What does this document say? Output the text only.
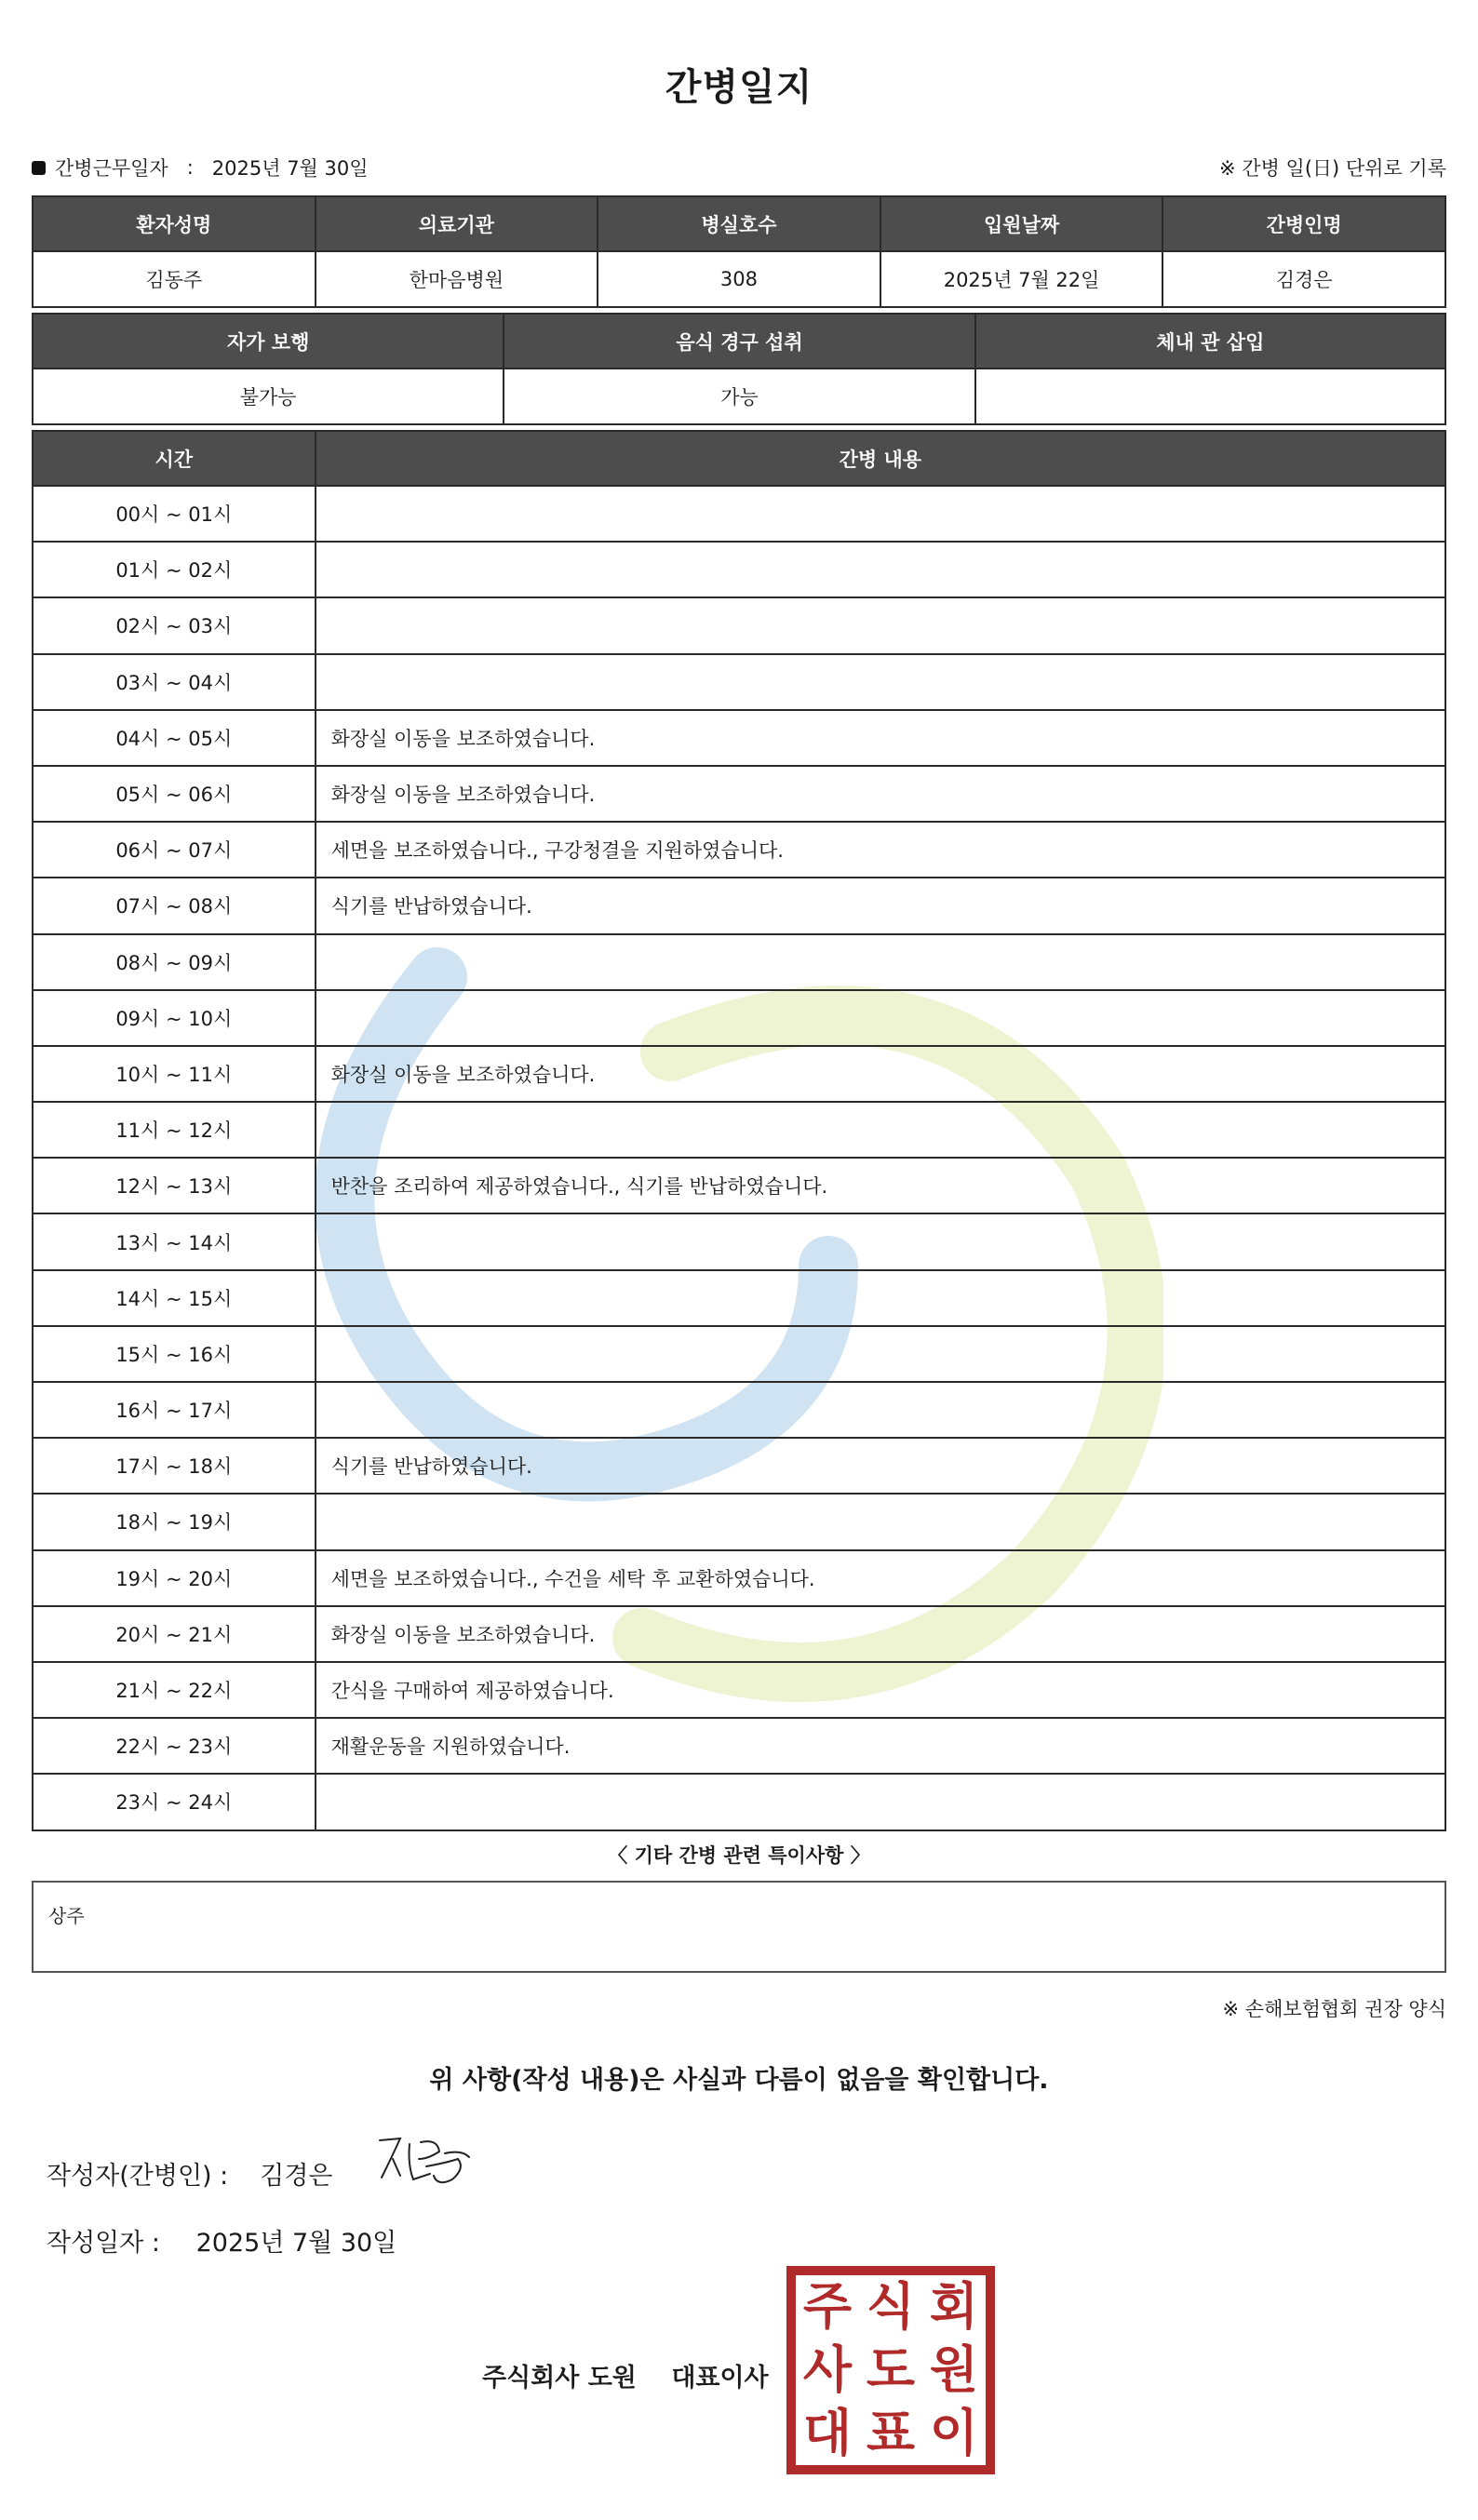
간병일지
간병근무일자 : 2025년 7월 30일	※ 간병 일(日) 단위로 기록
환자성명	의료기관	병실호수	입원날짜	간병인명
김동주	한마음병원	308	2025년 7월 22일	김경은
자가 보행	음식 경구 섭취	체내 관 삽입
불가능	가능	
시간	간병 내용
00시 ~ 01시	
01시 ~ 02시	
02시 ~ 03시	
03시 ~ 04시	
04시 ~ 05시	화장실 이동을 보조하였습니다.
05시 ~ 06시	화장실 이동을 보조하였습니다.
06시 ~ 07시	세면을 보조하였습니다., 구강청결을 지원하였습니다.
07시 ~ 08시	식기를 반납하였습니다.
08시 ~ 09시	
09시 ~ 10시	
10시 ~ 11시	화장실 이동을 보조하였습니다.
11시 ~ 12시	
12시 ~ 13시	반찬을 조리하여 제공하였습니다., 식기를 반납하였습니다.
13시 ~ 14시	
14시 ~ 15시	
15시 ~ 16시	
16시 ~ 17시	
17시 ~ 18시	식기를 반납하였습니다.
18시 ~ 19시	
19시 ~ 20시	세면을 보조하였습니다., 수건을 세탁 후 교환하였습니다.
20시 ~ 21시	화장실 이동을 보조하였습니다.
21시 ~ 22시	간식을 구매하여 제공하였습니다.
22시 ~ 23시	재활운동을 지원하였습니다.
23시 ~ 24시	
〈 기타 간병 관련 특이사항 〉
상주
※ 손해보험협회 권장 양식
위 사항(작성 내용)은 사실과 다름이 없음을 확인합니다.
작성자(간병인) : 김경은
작성일자 : 2025년 7월 30일
주식회사 도원 대표이사
주 식 회
사 도 원
대 표 이
